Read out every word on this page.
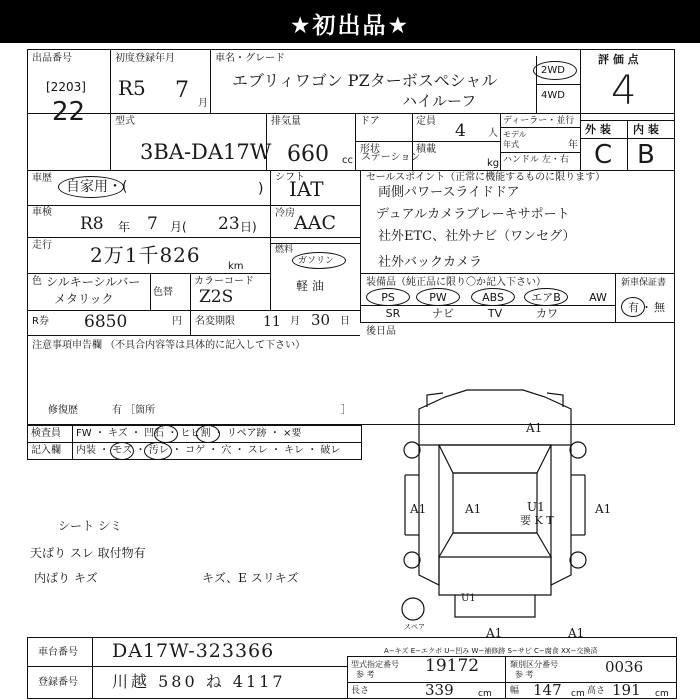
★初出品★
出品番号
[2203]
22
初度登録年月
R5 7
月
車名・グレード
エブリィワゴン PZターボスペシャル
ハイルーフ
2WD
4WD
評 価 点
4
型式
3BA-DA17W
排気量
660 cc
ドア	定員 4 人
形状
ステーション
積載
kg
ディーラー・並行
モデル
年式	年
ハンドル 左・右
外 装 内 装
C B
車歴
自家用・(	)
車検
R8 年 7 月( 23 日)
走行 2万1千826	km
色 シルキーシルバー
メタリック	色替
カラーコード
Z2S
シフト
IAT
冷房 AAC
燃料
ガソリン
軽 油
R券 6850	円 名変期限 11 月 30 日
セールスポイント（正常に機能するものに限ります）
両側パワースライドドア
デュアルカメラブレーキサポート
社外ETC、社外ナビ（ワンセグ）
社外バックカメラ
装備品（純正品に限り〇か記入下さい）	新車保証書
有 ・ 無
後日品
注意事項申告欄 （不具合内容等は具体的に記入して下さい）
修復歴	有 ［箇所	］
検査員 FW ・ キズ ・ 凹石 ・ ヒビ割 ・ リペア跡 ・ ×要
記入欄 内装 ・ モズ ・ 汚レ ・ コゲ ・ 穴 ・ スレ ・ キレ ・ 破レ
シート シミ
天ばり スレ 取付物有
内ばり キズ	キズ、E スリキズ
A1
A1	A1	A1
A1	A1
U1
要 K T
U1
スペア
A−キズ E−エクボ U−凹み W−補修跡 S−サビ C−腐食 XX−交換済
車台番号 DA17W-323366
登録番号 川越 580 ね 4117
型式指定番号
参 考	19172	類別区分番号
参 考	0036
長さ	339	cm 幅 147 cm 高さ 191 cm
PS	PW	ABS	エアB	AW
SR	ナビ	TV	カワ
